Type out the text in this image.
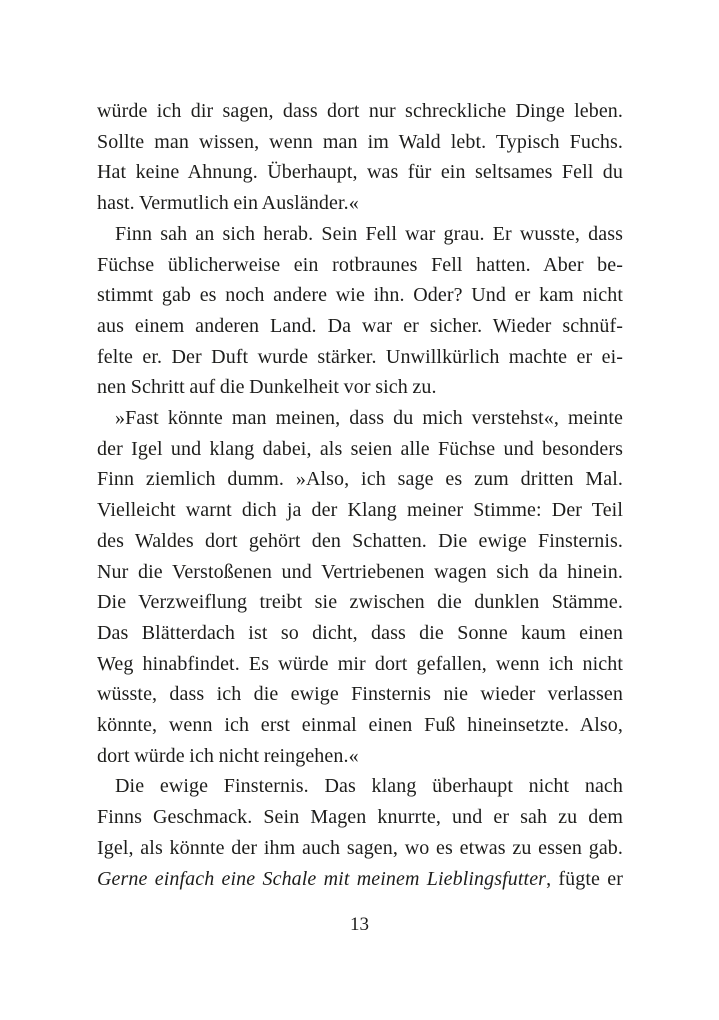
würde ich dir sagen, dass dort nur schreckliche Dinge leben.
Sollte man wissen, wenn man im Wald lebt. Typisch Fuchs.
Hat keine Ahnung. Überhaupt, was für ein seltsames Fell du
hast. Vermutlich ein Ausländer.«
Finn sah an sich herab. Sein Fell war grau. Er wusste, dass
Füchse üblicherweise ein rotbraunes Fell hatten. Aber be-
stimmt gab es noch andere wie ihn. Oder? Und er kam nicht
aus einem anderen Land. Da war er sicher. Wieder schnüf-
felte er. Der Duft wurde stärker. Unwillkürlich machte er ei-
nen Schritt auf die Dunkelheit vor sich zu.
»Fast könnte man meinen, dass du mich verstehst«, meinte
der Igel und klang dabei, als seien alle Füchse und besonders
Finn ziemlich dumm. »Also, ich sage es zum dritten Mal.
Vielleicht warnt dich ja der Klang meiner Stimme: Der Teil
des Waldes dort gehört den Schatten. Die ewige Finsternis.
Nur die Verstoßenen und Vertriebenen wagen sich da hinein.
Die Verzweiflung treibt sie zwischen die dunklen Stämme.
Das Blätterdach ist so dicht, dass die Sonne kaum einen
Weg hinabfindet. Es würde mir dort gefallen, wenn ich nicht
wüsste, dass ich die ewige Finsternis nie wieder verlassen
könnte, wenn ich erst einmal einen Fuß hineinsetzte. Also,
dort würde ich nicht reingehen.«
Die ewige Finsternis. Das klang überhaupt nicht nach
Finns Geschmack. Sein Magen knurrte, und er sah zu dem
Igel, als könnte der ihm auch sagen, wo es etwas zu essen gab.
Gerne einfach eine Schale mit meinem Lieblingsfutter, fügte er
13
